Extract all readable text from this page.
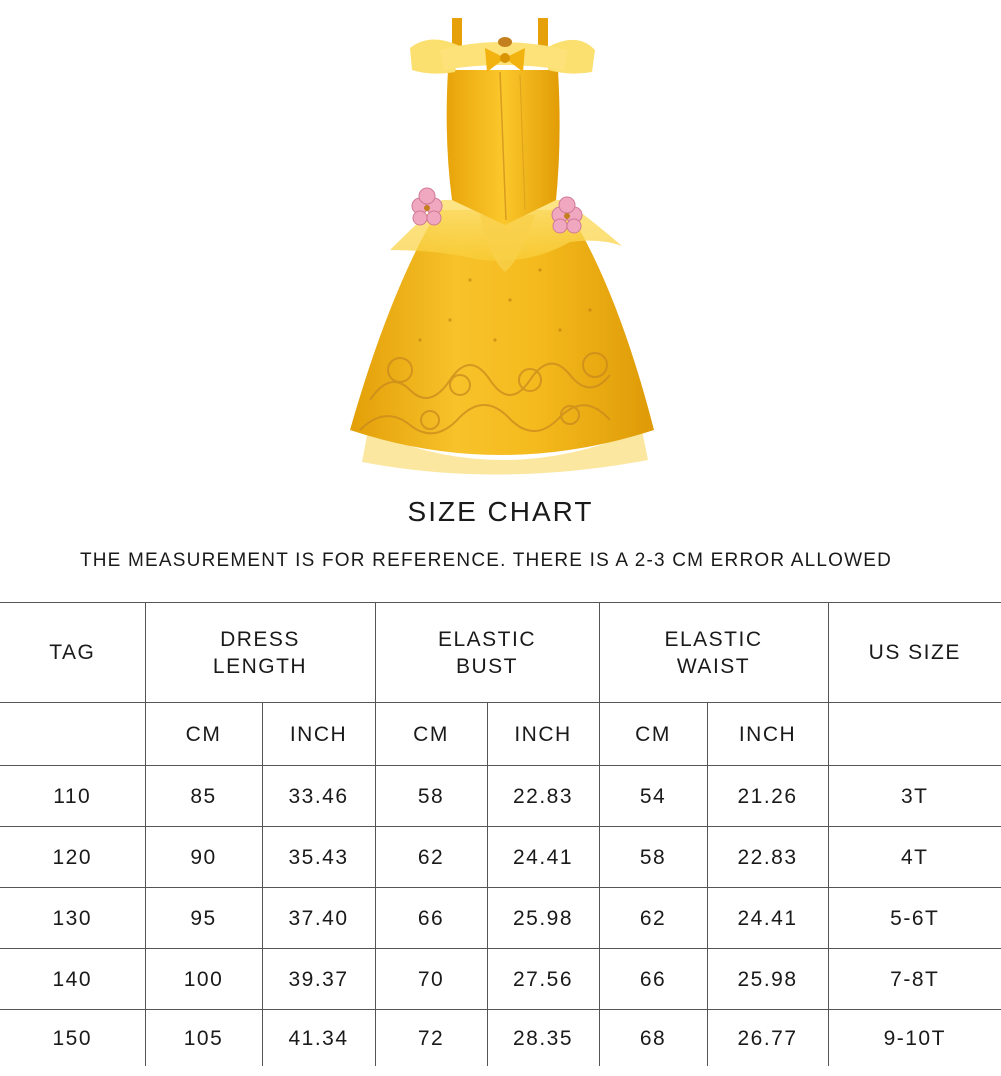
SIZE CHART
THE MEASUREMENT IS FOR REFERENCE. THERE IS A 2-3 CM ERROR ALLOWED
TAG	DRESS LENGTH		ELASTIC BUST		ELASTIC WAIST		US SIZE
	CM	INCH	CM	INCH	CM	INCH	
110	85	33.46	58	22.83	54	21.26	3T
120	90	35.43	62	24.41	58	22.83	4T
130	95	37.40	66	25.98	62	24.41	5-6T
140	100	39.37	70	27.56	66	25.98	7-8T
150	105	41.34	72	28.35	68	26.77	9-10T
